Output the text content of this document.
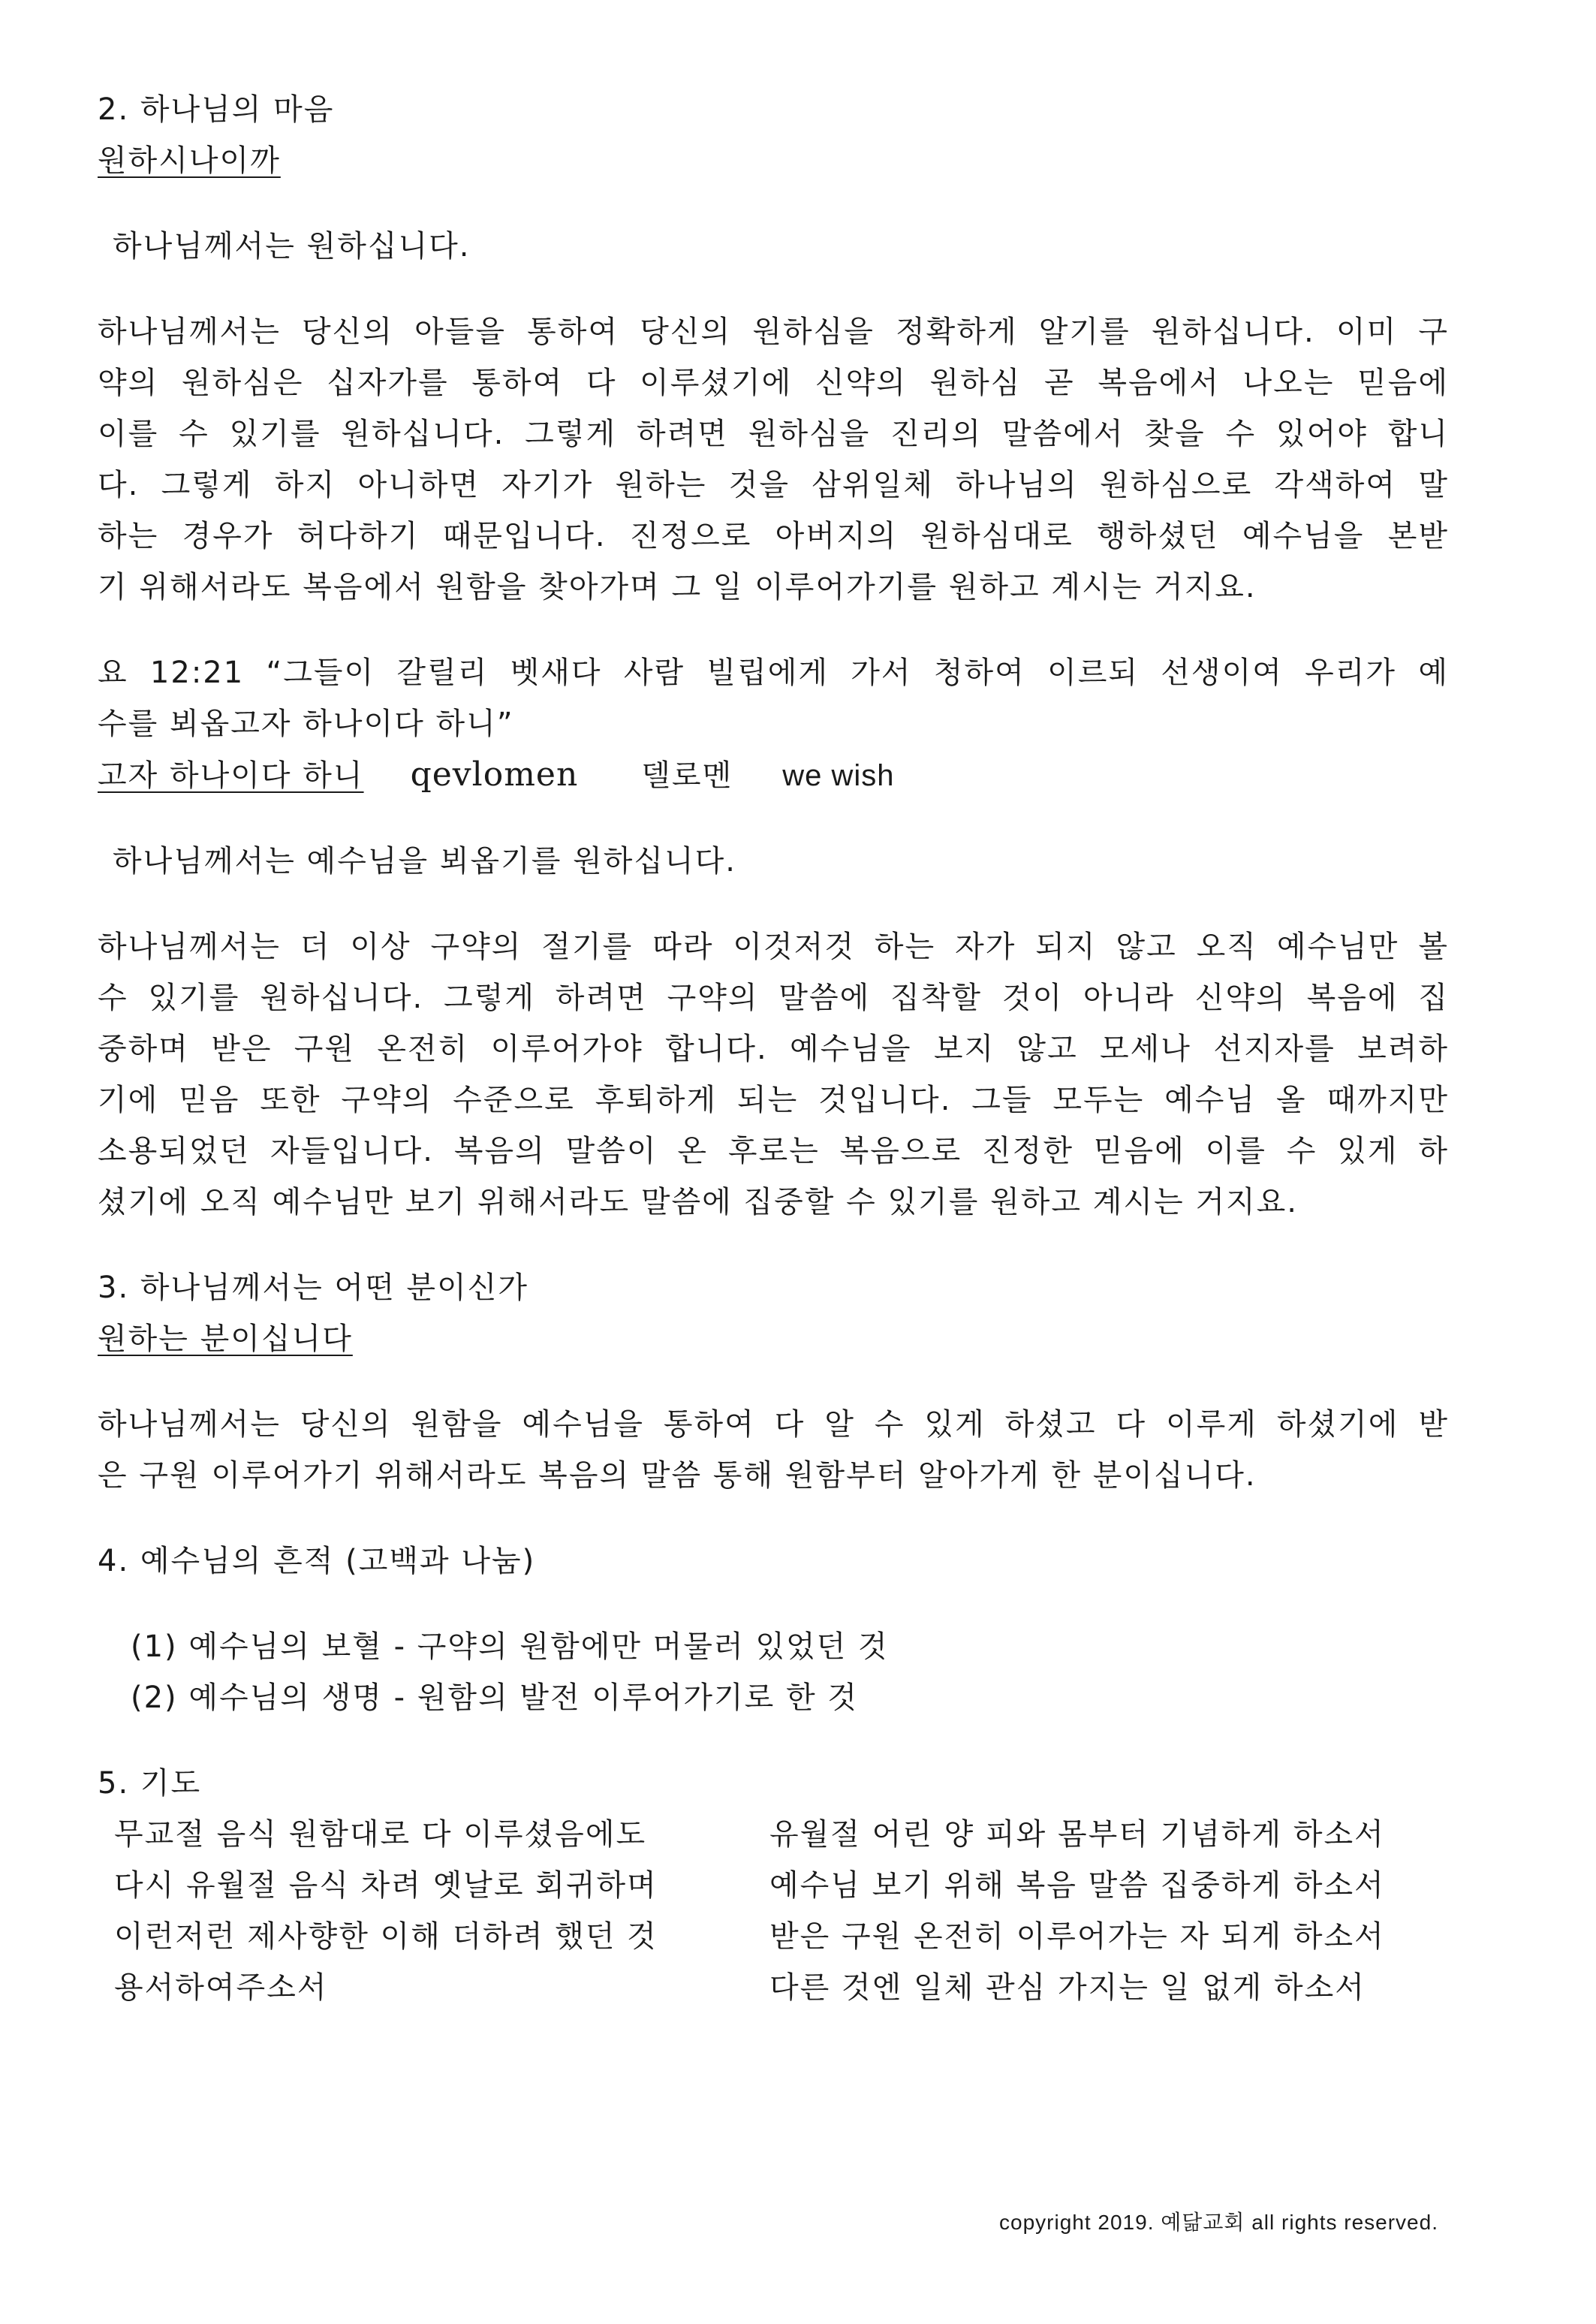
2. 하나님의 마음

원하시나이까

하나님께서는 원하십니다.

하나님께서는 당신의 아들을 통하여 당신의 원하심을 정확하게 알기를 원하십니다. 이미 구

약의 원하심은 십자가를 통하여 다 이루셨기에 신약의 원하심 곧 복음에서 나오는 믿음에

이를 수 있기를 원하십니다. 그렇게 하려면 원하심을 진리의 말씀에서 찾을 수 있어야 합니

다. 그렇게 하지 아니하면 자기가 원하는 것을 삼위일체 하나님의 원하심으로 각색하여 말

하는 경우가 허다하기 때문입니다. 진정으로 아버지의 원하심대로 행하셨던 예수님을 본받

기 위해서라도 복음에서 원함을 찾아가며 그 일 이루어가기를 원하고 계시는 거지요.

요 12:21 “그들이 갈릴리 벳새다 사람 빌립에게 가서 청하여 이르되 선생이여 우리가 예

수를 뵈옵고자 하나이다 하니”

고자 하나이다 하니 qevlomen 델로멘 we wish

하나님께서는 예수님을 뵈옵기를 원하십니다.

하나님께서는 더 이상 구약의 절기를 따라 이것저것 하는 자가 되지 않고 오직 예수님만 볼

수 있기를 원하십니다. 그렇게 하려면 구약의 말씀에 집착할 것이 아니라 신약의 복음에 집

중하며 받은 구원 온전히 이루어가야 합니다. 예수님을 보지 않고 모세나 선지자를 보려하

기에 믿음 또한 구약의 수준으로 후퇴하게 되는 것입니다. 그들 모두는 예수님 올 때까지만

소용되었던 자들입니다. 복음의 말씀이 온 후로는 복음으로 진정한 믿음에 이를 수 있게 하

셨기에 오직 예수님만 보기 위해서라도 말씀에 집중할 수 있기를 원하고 계시는 거지요.

3. 하나님께서는 어떤 분이신가

원하는 분이십니다

하나님께서는 당신의 원함을 예수님을 통하여 다 알 수 있게 하셨고 다 이루게 하셨기에 받

은 구원 이루어가기 위해서라도 복음의 말씀 통해 원함부터 알아가게 한 분이십니다.

4. 예수님의 흔적 (고백과 나눔)

(1) 예수님의 보혈 - 구약의 원함에만 머물러 있었던 것

(2) 예수님의 생명 - 원함의 발전 이루어가기로 한 것

5. 기도

무교절 음식 원함대로 다 이루셨음에도

다시 유월절 음식 차려 옛날로 회귀하며

이런저런 제사향한 이해 더하려 했던 것

용서하여주소서

유월절 어린 양 피와 몸부터 기념하게 하소서

예수님 보기 위해 복음 말씀 집중하게 하소서

받은 구원 온전히 이루어가는 자 되게 하소서

다른 것엔 일체 관심 가지는 일 없게 하소서

copyright 2019. 예닮교회 all rights reserved.
